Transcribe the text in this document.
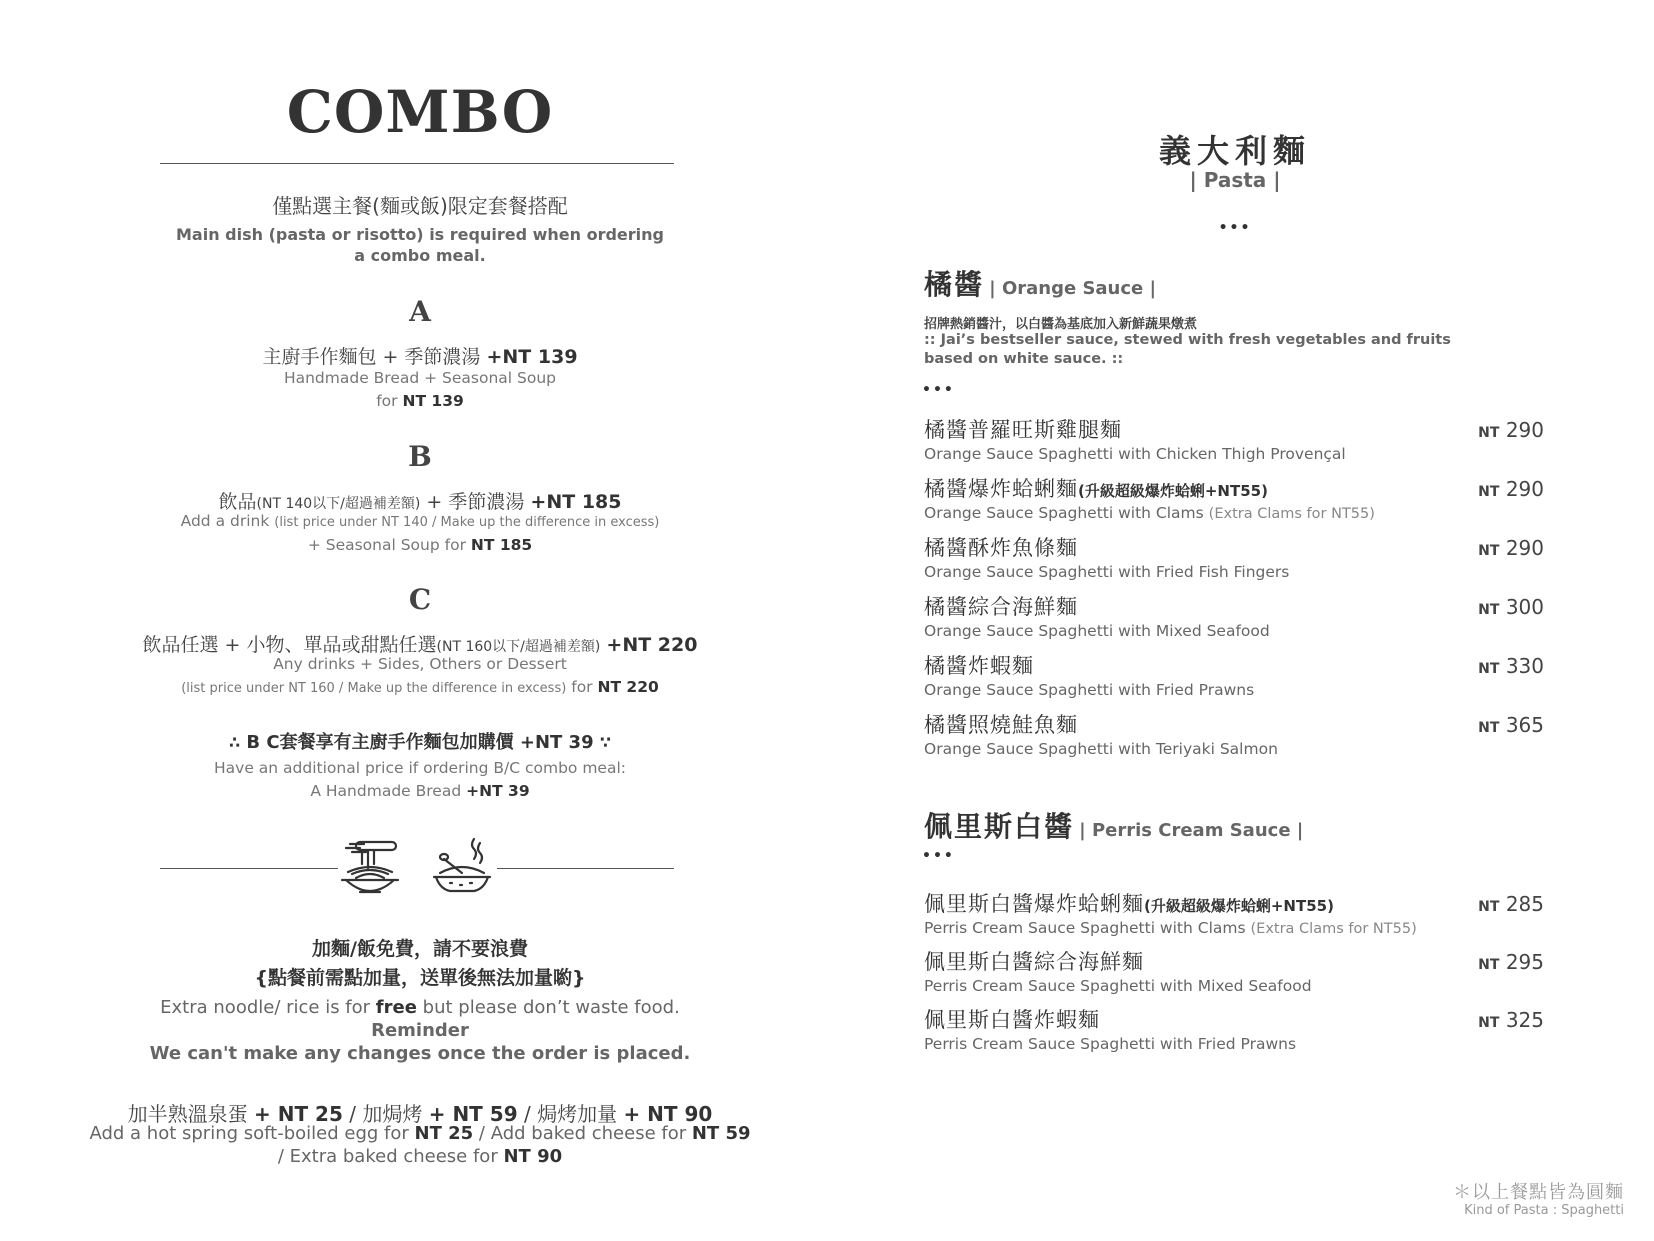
COMBO
僅點選主餐(麵或飯)限定套餐搭配
Main dish (pasta or risotto) is required when ordering
a combo meal.
A
主廚手作麵包 + 季節濃湯 +NT 139
Handmade Bread + Seasonal Soup
for NT 139
B
飲品(NT 140以下/超過補差額) + 季節濃湯 +NT 185
Add a drink (list price under NT 140 / Make up the difference in excess)
+ Seasonal Soup for NT 185
C
飲品任選 + 小物、單品或甜點任選(NT 160以下/超過補差額) +NT 220
Any drinks + Sides, Others or Dessert
(list price under NT 160 / Make up the difference in excess) for NT 220
∴ B C套餐享有主廚手作麵包加購價 +NT 39 ∵
Have an additional price if ordering B/C combo meal:
A Handmade Bread +NT 39
加麵/飯免費，請不要浪費
{點餐前需點加量，送單後無法加量喲}
Extra noodle/ rice is for free but please don’t waste food.
Reminder
We can't make any changes once the order is placed.
加半熟溫泉蛋 + NT 25 / 加焗烤 + NT 59 / 焗烤加量 + NT 90
Add a hot spring soft-boiled egg for NT 25 / Add baked cheese for NT 59
/ Extra baked cheese for NT 90
義大利麵
| Pasta |
•••
橘醬 | Orange Sauce |
招牌熱銷醬汁，以白醬為基底加入新鮮蔬果燉煮
:: Jai’s bestseller sauce, stewed with fresh vegetables and fruits
based on white sauce. ::
•••
橘醬普羅旺斯雞腿麵
Orange Sauce Spaghetti with Chicken Thigh Provençal
NT 290
橘醬爆炸蛤蜊麵(升級超級爆炸蛤蜊+NT55)
Orange Sauce Spaghetti with Clams (Extra Clams for NT55)
NT 290
橘醬酥炸魚條麵
Orange Sauce Spaghetti with Fried Fish Fingers
NT 290
橘醬綜合海鮮麵
Orange Sauce Spaghetti with Mixed Seafood
NT 300
橘醬炸蝦麵
Orange Sauce Spaghetti with Fried Prawns
NT 330
橘醬照燒鮭魚麵
Orange Sauce Spaghetti with Teriyaki Salmon
NT 365
佩里斯白醬 | Perris Cream Sauce |
•••
佩里斯白醬爆炸蛤蜊麵(升級超級爆炸蛤蜊+NT55)
Perris Cream Sauce Spaghetti with Clams (Extra Clams for NT55)
NT 285
佩里斯白醬綜合海鮮麵
Perris Cream Sauce Spaghetti with Mixed Seafood
NT 295
佩里斯白醬炸蝦麵
Perris Cream Sauce Spaghetti with Fried Prawns
NT 325
＊以上餐點皆為圓麵
Kind of Pasta : Spaghetti
